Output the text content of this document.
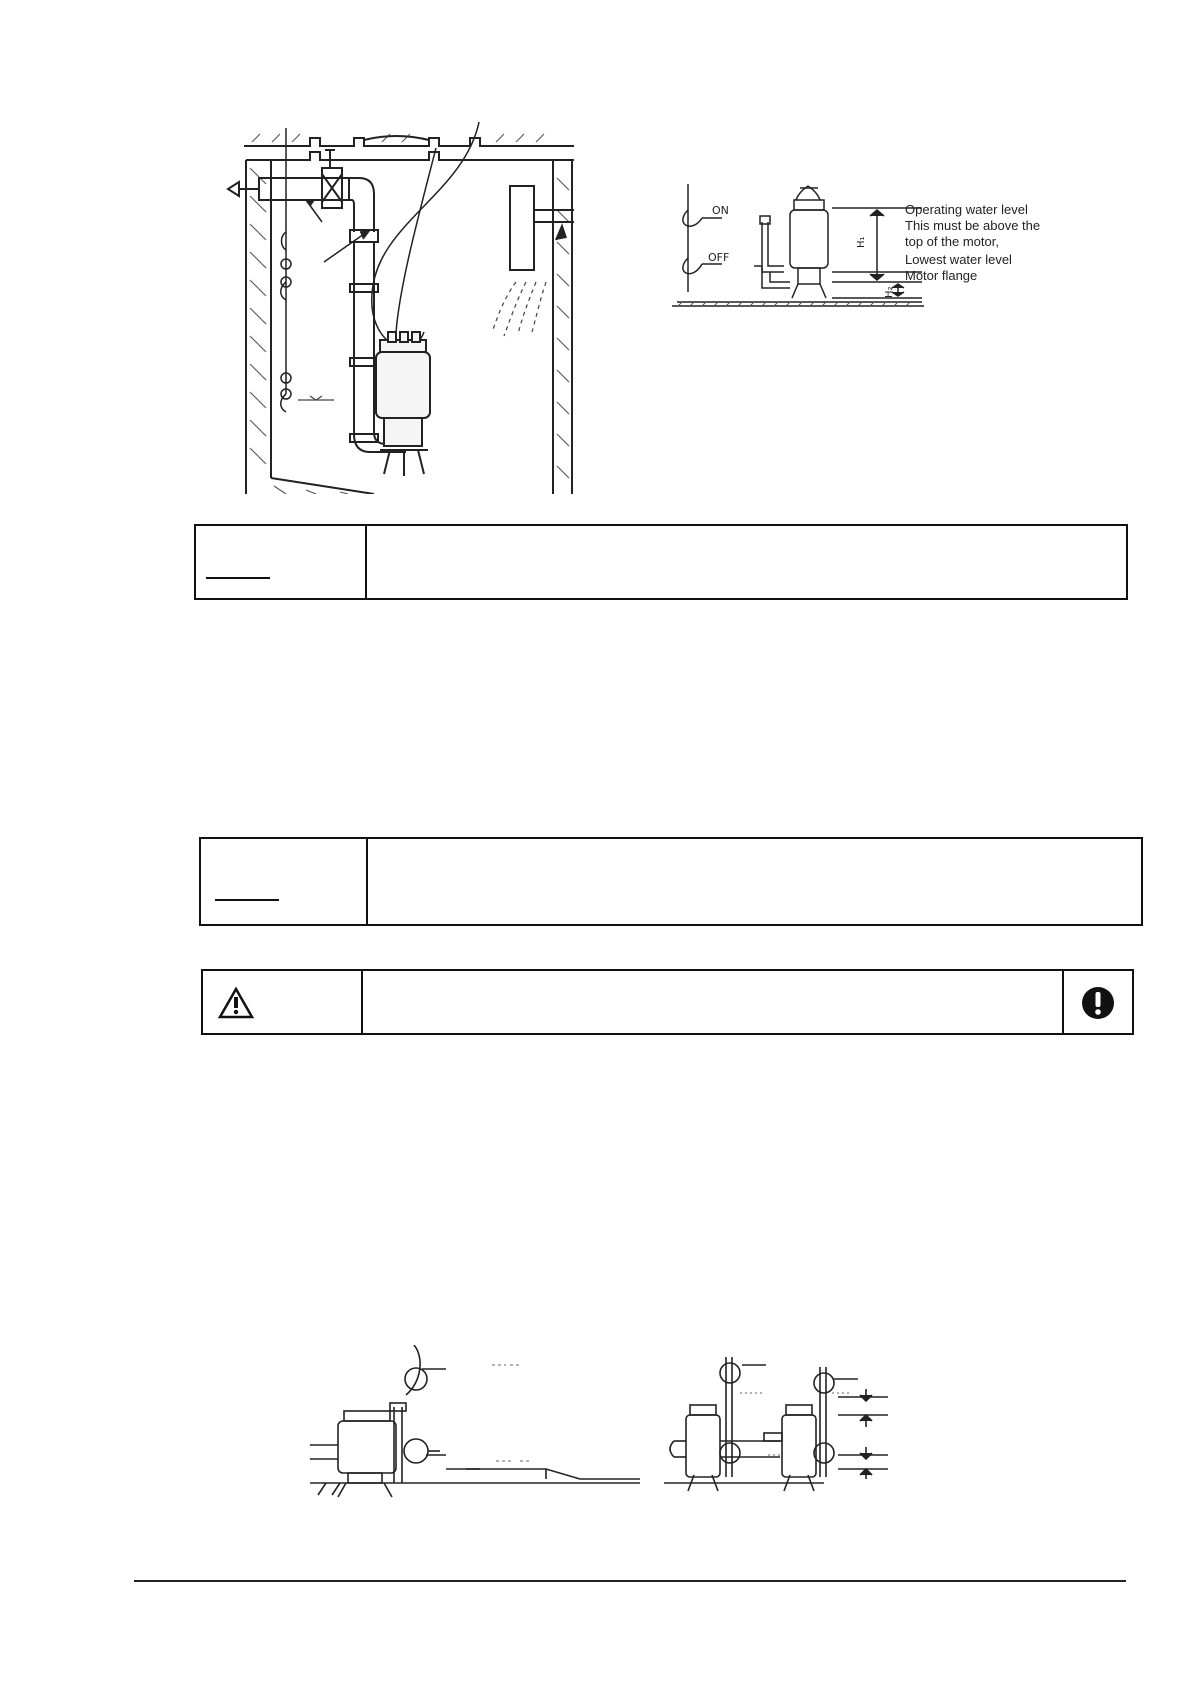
ON
OFF
H₁
H₂
Operating water level
This must be above the
top of the motor,
Lowest water level
Motor flange
